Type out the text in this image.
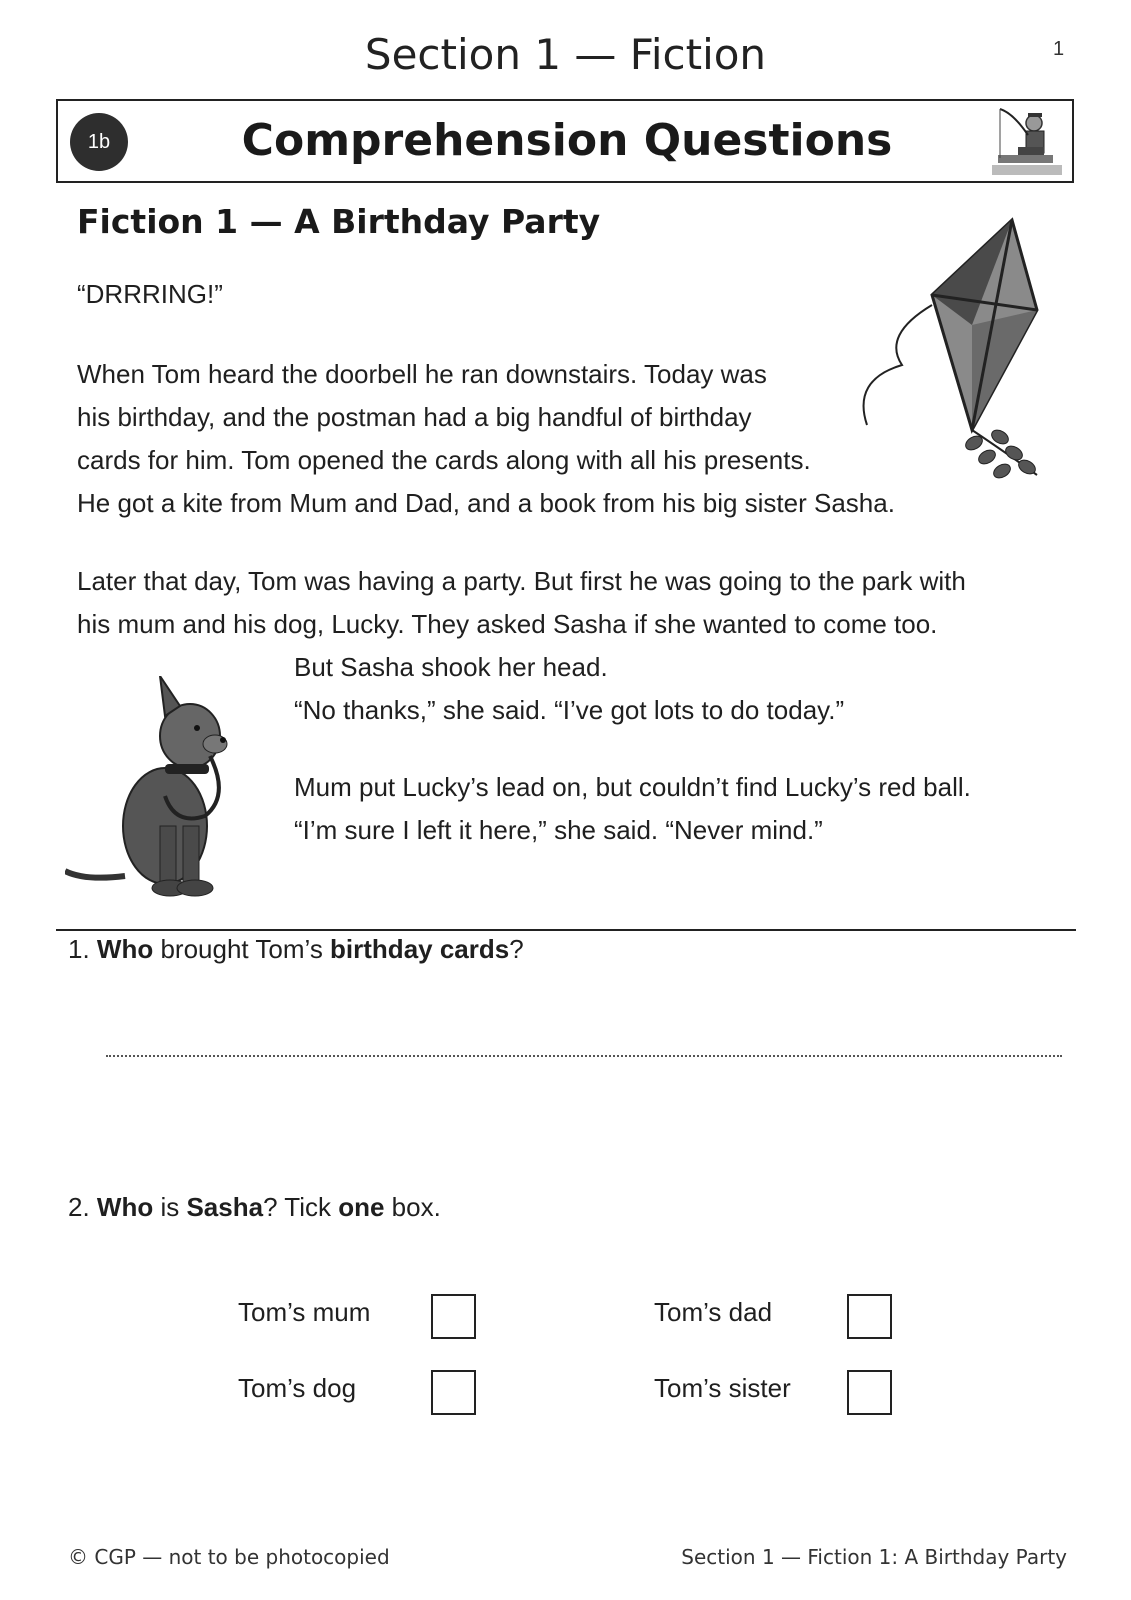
Section 1 — Fiction	1
1b	Comprehension Questions
Fiction 1 — A Birthday Party

“DRRRING!”

When Tom heard the doorbell he ran downstairs. Today was

his birthday, and the postman had a big handful of birthday

cards for him. Tom opened the cards along with all his presents.

He got a kite from Mum and Dad, and a book from his big sister Sasha.

Later that day, Tom was having a party. But first he was going to the park with

his mum and his dog, Lucky. They asked Sasha if she wanted to come too.

But Sasha shook her head.

“No thanks,” she said. “I’ve got lots to do today.”

Mum put Lucky’s lead on, but couldn’t find Lucky’s red ball.

“I’m sure I left it here,” she said. “Never mind.”

1. Who brought Tom’s birthday cards?
2. Who is Sasha? Tick one box.
Tom’s mum	Tom’s dad
Tom’s dog	Tom’s sister
© CGP — not to be photocopied	Section 1 — Fiction 1: A Birthday Party
